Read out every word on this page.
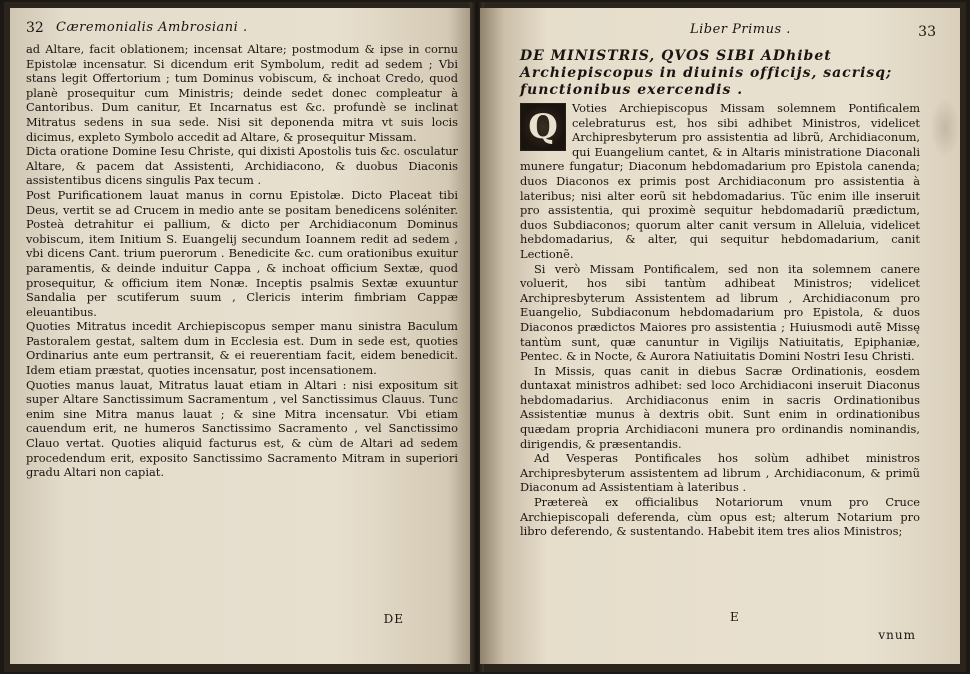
32 Cæremonialis Ambrosiani .

ad Altare, facit oblationem; incensat Altare; postmodum & ipse in cornu Epistolæ incensatur. Si dicendum erit Symbolum, redit ad sedem ; Vbi stans legit Offertorium ; tum Dominus vobiscum, & inchoat Credo, quod planè prosequitur cum Ministris; deinde sedet donec compleatur à Cantoribus. Dum canitur, Et Incarnatus est &c. profundè se inclinat Mitratus sedens in sua sede. Nisi sit deponenda mitra vt suis locis dicimus, expleto Symbolo accedit ad Altare, & prosequitur Missam.

Dicta oratione Domine Iesu Christe, qui dixisti Apostolis tuis &c. osculatur Altare, & pacem dat Assistenti, Archidiacono, & duobus Diaconis assistentibus dicens singulis Pax tecum .

Post Purificationem lauat manus in cornu Epistolæ. Dicto Placeat tibi Deus, vertit se ad Crucem in medio ante se positam benedicens soléniter. Posteà detrahitur ei pallium, & dicto per Archidiaconum Dominus vobiscum, item Initium S. Euangelij secundum Ioannem redit ad sedem , vbi dicens Cant. trium puerorum . Benedicite &c. cum orationibus exuitur paramentis, & deinde induitur Cappa , & inchoat officium Sextæ, quod prosequitur, & officium item Nonæ. Inceptis psalmis Sextæ exuuntur Sandalia per scutiferum suum , Clericis interim fimbriam Cappæ eleuantibus.

Quoties Mitratus incedit Archiepiscopus semper manu sinistra Baculum Pastoralem gestat, saltem dum in Ecclesia est. Dum in sede est, quoties Ordinarius ante eum pertransit, & ei reuerentiam facit, eidem benedicit. Idem etiam præstat, quoties incensatur, post incensationem.

Quoties manus lauat, Mitratus lauat etiam in Altari : nisi expositum sit super Altare Sanctissimum Sacramentum , vel Sanctissimus Clauus. Tunc enim sine Mitra manus lauat ; & sine Mitra incensatur. Vbi etiam cauendum erit, ne humeros Sanctissimo Sacramento , vel Sanctissimo Clauo vertat. Quoties aliquid facturus est, & cùm de Altari ad sedem procedendum erit, exposito Sanctissimo Sacramento Mitram in superiori gradu Altari non capiat.

DE
Liber Primus .	33
DE MINISTRIS, QVOS SIBI ADhibet Archiepiscopus in diuinis officijs, sacrisq; functionibus exercendis .

Q	Voties Archiepiscopus Missam solemnem Pontificalem celebraturus est, hos sibi adhibet Ministros, videlicet Archipresbyterum pro assistentia ad librũ, Archidiaconum, qui Euangelium cantet, & in Altaris ministratione Diaconali munere fungatur; Diaconum hebdomadarium pro Epistola canenda; duos Diaconos ex primis post Archidiaconum pro assistentia à lateribus; nisi alter eorũ sit hebdomadarius. Tũc enim ille inseruit pro assistentia, qui proximè sequitur hebdomadariũ prædictum, duos Subdiaconos; quorum alter canit versum in Alleluia, videlicet hebdomadarius, & alter, qui sequitur hebdomadarium, canit Lectionẽ.

Si verò Missam Pontificalem, sed non ita solemnem canere voluerit, hos sibi tantùm adhibeat Ministros; videlicet Archipresbyterum Assistentem ad librum , Archidiaconum pro Euangelio, Subdiaconum hebdomadarium pro Epistola, & duos Diaconos prædictos Maiores pro assistentia ; Huiusmodi autẽ Missę tantùm sunt, quæ canuntur in Vigilijs Natiuitatis, Epiphaniæ, Pentec. & in Nocte, & Aurora Natiuitatis Domini Nostri Iesu Christi.

In Missis, quas canit in diebus Sacræ Ordinationis, eosdem duntaxat ministros adhibet: sed loco Archidiaconi inseruit Diaconus hebdomadarius. Archidiaconus enim in sacris Ordinationibus Assistentiæ munus à dextris obit. Sunt enim in ordinationibus quædam propria Archidiaconi munera pro ordinandis nominandis, dirigendis, & præsentandis.

Ad Vesperas Pontificales hos solùm adhibet ministros Archipresbyterum assistentem ad librum , Archidiaconum, & primũ Diaconum ad Assistentiam à lateribus .

Prætereà ex officialibus Notariorum vnum pro Cruce Archiepiscopali deferenda, cùm opus est; alterum Notarium pro libro deferendo, & sustentando. Habebit item tres alios Ministros;

E
vnum
